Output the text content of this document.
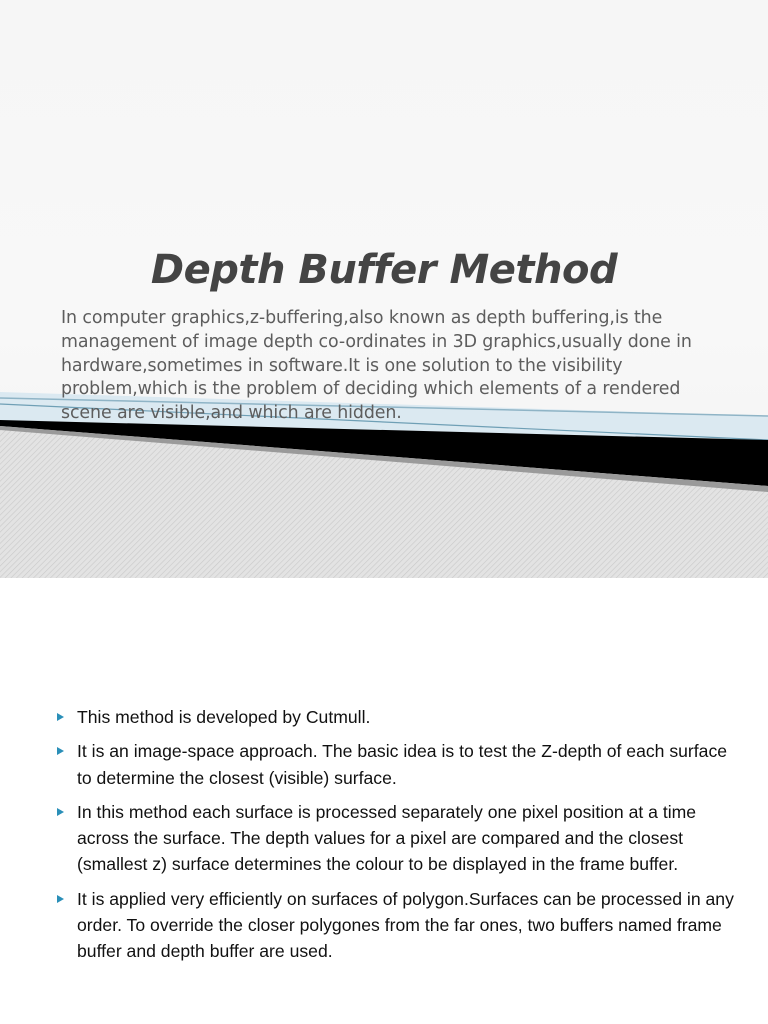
Depth Buffer Method

In computer graphics,z-buffering,also known as depth buffering,is the management of image depth co-ordinates in 3D graphics,usually done in hardware,sometimes in software.It is one solution to the visibility problem,which is the problem of deciding which elements of a rendered scene are visible,and which are hidden.

This method is developed by Cutmull.
It is an image-space approach. The basic idea is to test the Z-depth of each surface to determine the closest (visible) surface.
In this method each surface is processed separately one pixel position at a time across the surface. The depth values for a pixel are compared and the closest (smallest z) surface determines the colour to be displayed in the frame buffer.
It is applied very efficiently on surfaces of polygon.Surfaces can be processed in any order. To override the closer polygones from the far ones, two buffers named frame buffer and depth buffer are used.
